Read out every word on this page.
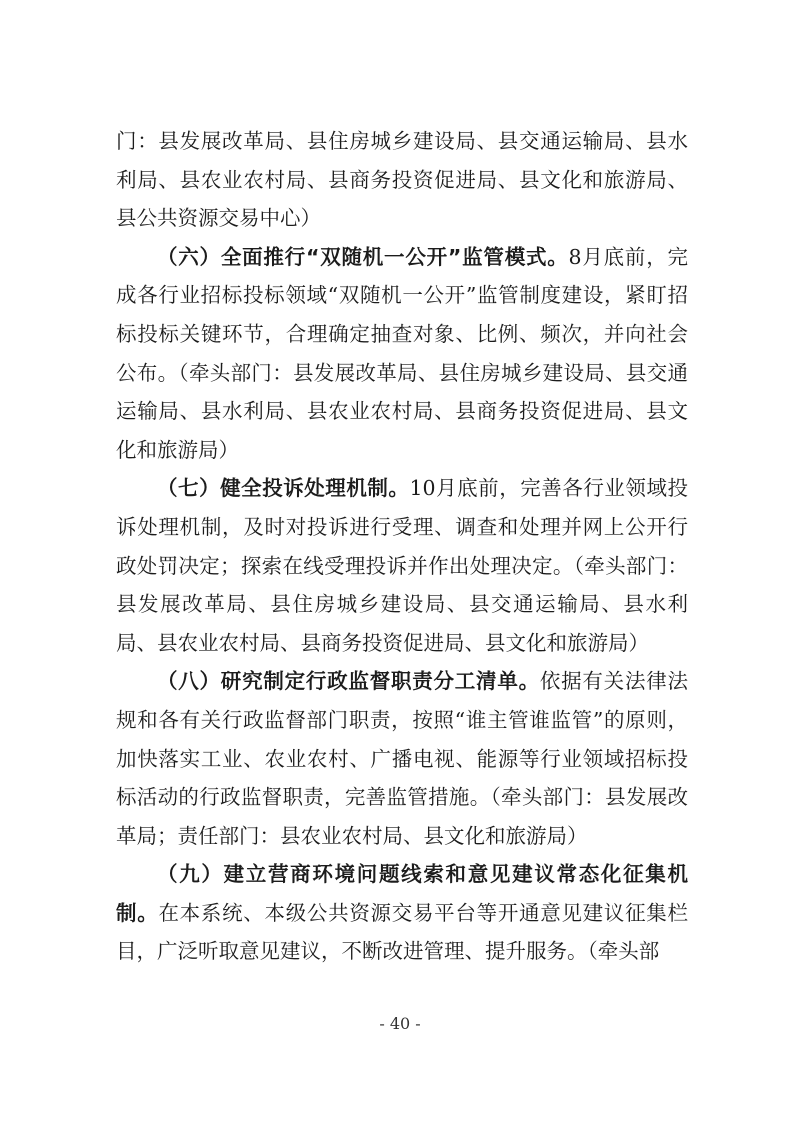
门：县发展改革局、县住房城乡建设局、县交通运输局、县水利局、县农业农村局、县商务投资促进局、县文化和旅游局、县公共资源交易中心）

（六）全面推行“双随机一公开”监管模式。8月底前，完成各行业招标投标领域“双随机一公开”监管制度建设，紧盯招标投标关键环节，合理确定抽查对象、比例、频次，并向社会公布。（牵头部门：县发展改革局、县住房城乡建设局、县交通运输局、县水利局、县农业农村局、县商务投资促进局、县文化和旅游局）

（七）健全投诉处理机制。10月底前，完善各行业领域投诉处理机制，及时对投诉进行受理、调查和处理并网上公开行政处罚决定；探索在线受理投诉并作出处理决定。（牵头部门：县发展改革局、县住房城乡建设局、县交通运输局、县水利局、县农业农村局、县商务投资促进局、县文化和旅游局）

（八）研究制定行政监督职责分工清单。依据有关法律法规和各有关行政监督部门职责，按照“谁主管谁监管”的原则，加快落实工业、农业农村、广播电视、能源等行业领域招标投标活动的行政监督职责，完善监管措施。（牵头部门：县发展改革局；责任部门：县农业农村局、县文化和旅游局）

（九）建立营商环境问题线索和意见建议常态化征集机制。在本系统、本级公共资源交易平台等开通意见建议征集栏目，广泛听取意见建议，不断改进管理、提升服务。（牵头部

- 40 -
